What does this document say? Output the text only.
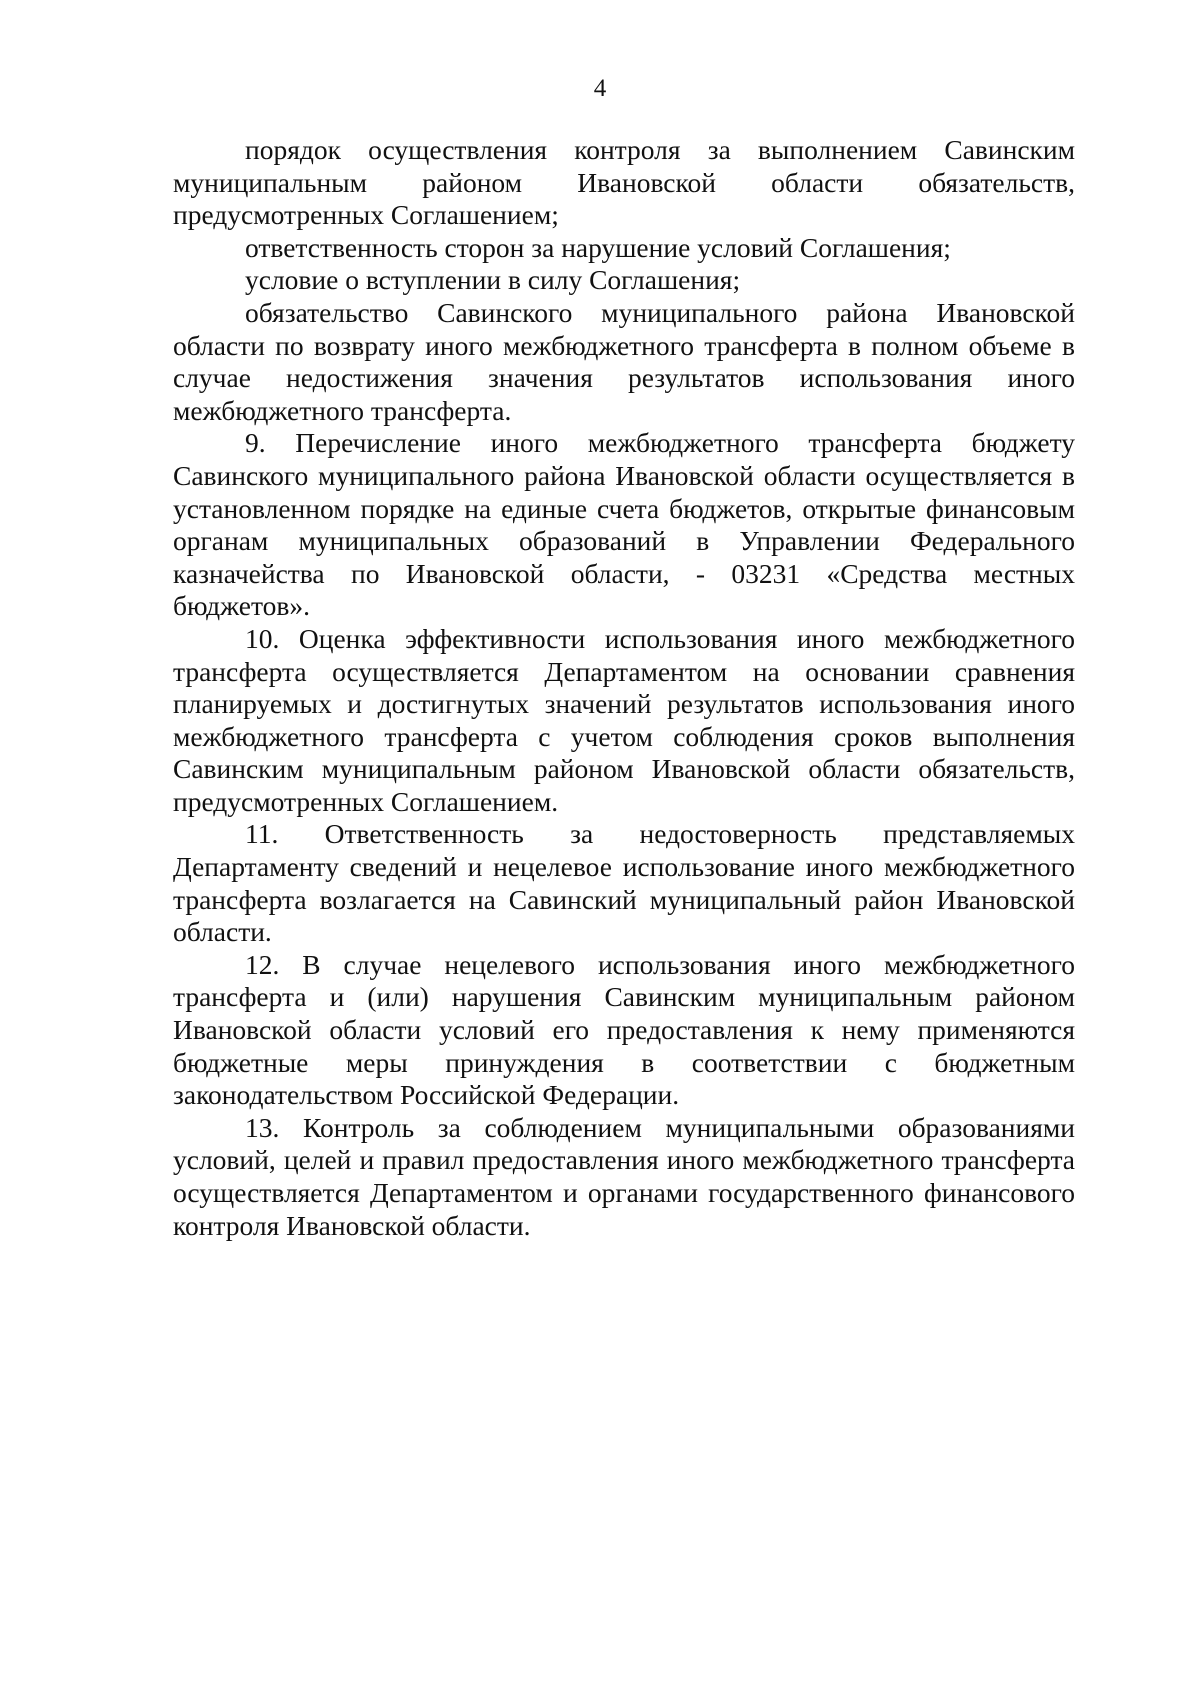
4

порядок осуществления контроля за выполнением Савинским муниципальным районом Ивановской области обязательств, предусмотренных Соглашением;

ответственность сторон за нарушение условий Соглашения;

условие о вступлении в силу Соглашения;

обязательство Савинского муниципального района Ивановской области по возврату иного межбюджетного трансферта в полном объеме в случае недостижения значения результатов использования иного межбюджетного трансферта.

9. Перечисление иного межбюджетного трансферта бюджету Савинского муниципального района Ивановской области осуществляется в установленном порядке на единые счета бюджетов, открытые финансовым органам муниципальных образований в Управлении Федерального казначейства по Ивановской области, - 03231 «Средства местных бюджетов».

10. Оценка эффективности использования иного межбюджетного трансферта осуществляется Департаментом на основании сравнения планируемых и достигнутых значений результатов использования иного межбюджетного трансферта с учетом соблюдения сроков выполнения Савинским муниципальным районом Ивановской области обязательств, предусмотренных Соглашением.

11. Ответственность за недостоверность представляемых Департаменту сведений и нецелевое использование иного межбюджетного трансферта возлагается на Савинский муниципальный район Ивановской области.

12. В случае нецелевого использования иного межбюджетного трансферта и (или) нарушения Савинским муниципальным районом Ивановской области условий его предоставления к нему применяются бюджетные меры принуждения в соответствии с бюджетным законодательством Российской Федерации.

13. Контроль за соблюдением муниципальными образованиями условий, целей и правил предоставления иного межбюджетного трансферта осуществляется Департаментом и органами государственного финансового контроля Ивановской области.
